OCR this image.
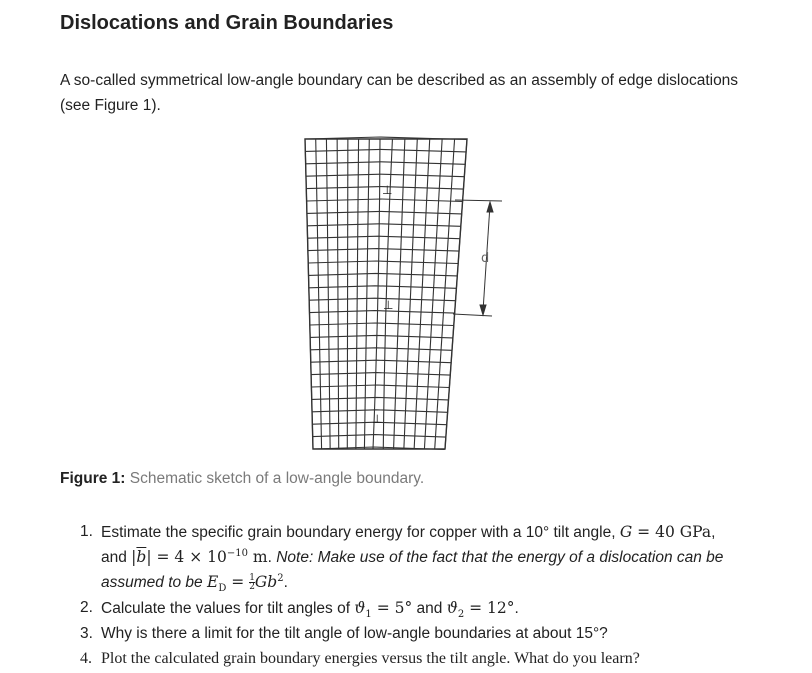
Dislocations and Grain Boundaries

A so-called symmetrical low-angle boundary can be described as an assembly of edge dislocations (see Figure 1).

⊥
⊥
⊥
d

Figure 1: Schematic sketch of a low-angle boundary.

1. Estimate the specific grain boundary energy for copper with a 10° tilt angle, G = 40 GPa,
and $|\overline{b}| = 4 \times 10^{-10}$ m. Note: Make use of the fact that the energy of a dislocation can be assumed to be $E_D = \frac{1}{2} Gb^2$.
2. Calculate the values for tilt angles of $ϑ_1 = 5^\circ$ and $ϑ_2 = 12^\circ$.
3. Why is there a limit for the tilt angle of low-angle boundaries at about 15°?
4. Plot the calculated grain boundary energies versus the tilt angle. What do you learn?
